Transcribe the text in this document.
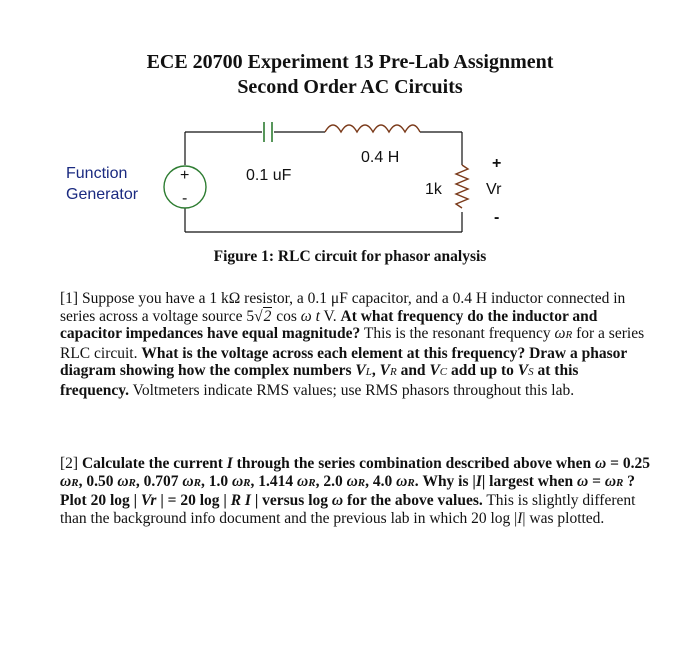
ECE 20700 Experiment 13 Pre-Lab Assignment
Second Order AC Circuits
+
-
Function
Generator
0.1 uF
0.4 H
1k
+
Vr
-
Figure 1: RLC circuit for phasor analysis

[1] Suppose you have a 1 kΩ resistor, a 0.1 μF capacitor, and a 0.4 H inductor connected in series across a voltage source 5√2 cos ω t V. At what frequency do the inductor and capacitor impedances have equal magnitude? This is the resonant frequency ωR for a series RLC circuit. What is the voltage across each element at this frequency? Draw a phasor diagram showing how the complex numbers VL, VR and VC add up to VS at this frequency. Voltmeters indicate RMS values; use RMS phasors throughout this lab.

[2] Calculate the current I through the series combination described above when ω = 0.25 ωR, 0.50 ωR, 0.707 ωR, 1.0 ωR, 1.414 ωR, 2.0 ωR, 4.0 ωR. Why is |I| largest when ω = ωR ? Plot 20 log | Vr | = 20 log | R I | versus log ω for the above values. This is slightly different than the background info document and the previous lab in which 20 log |I| was plotted.
